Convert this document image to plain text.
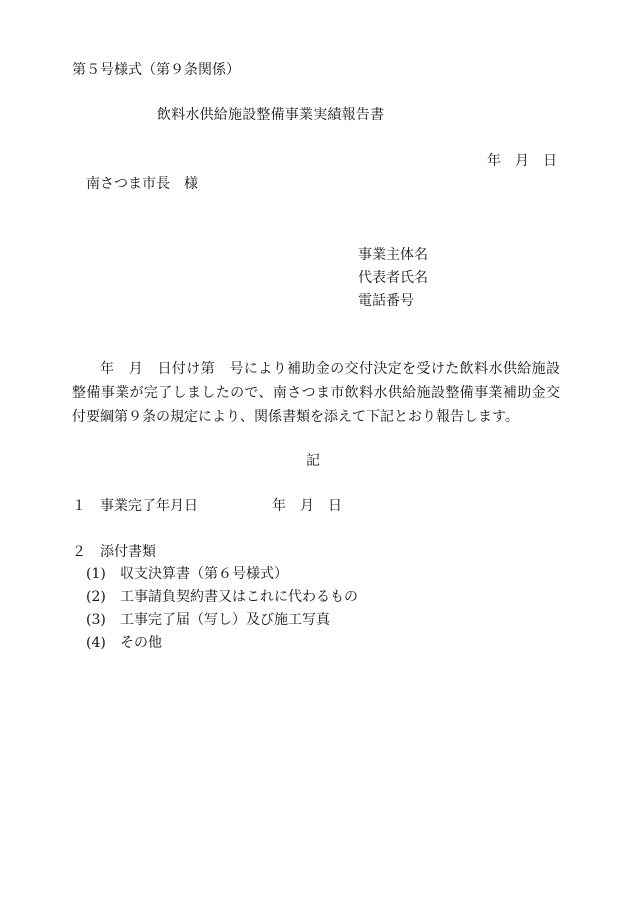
第５号様式（第９条関係）
飲料水供給施設整備事業実績報告書
年　月　日
南さつま市長　様
事業主体名
代表者氏名
電話番号
年　月　日付け第　号により補助金の交付決定を受けた飲料水供給施設整備事業が完了しましたので、南さつま市飲料水供給施設整備事業補助金交付要綱第９条の規定により、関係書類を添えて下記とおり報告します。
記
１　事業完了年月日	年　月　日
２　添付書類
(1)	収支決算書（第６号様式）
(2)	工事請負契約書又はこれに代わるもの
(3)	工事完了届（写し）及び施工写真
(4)	その他
